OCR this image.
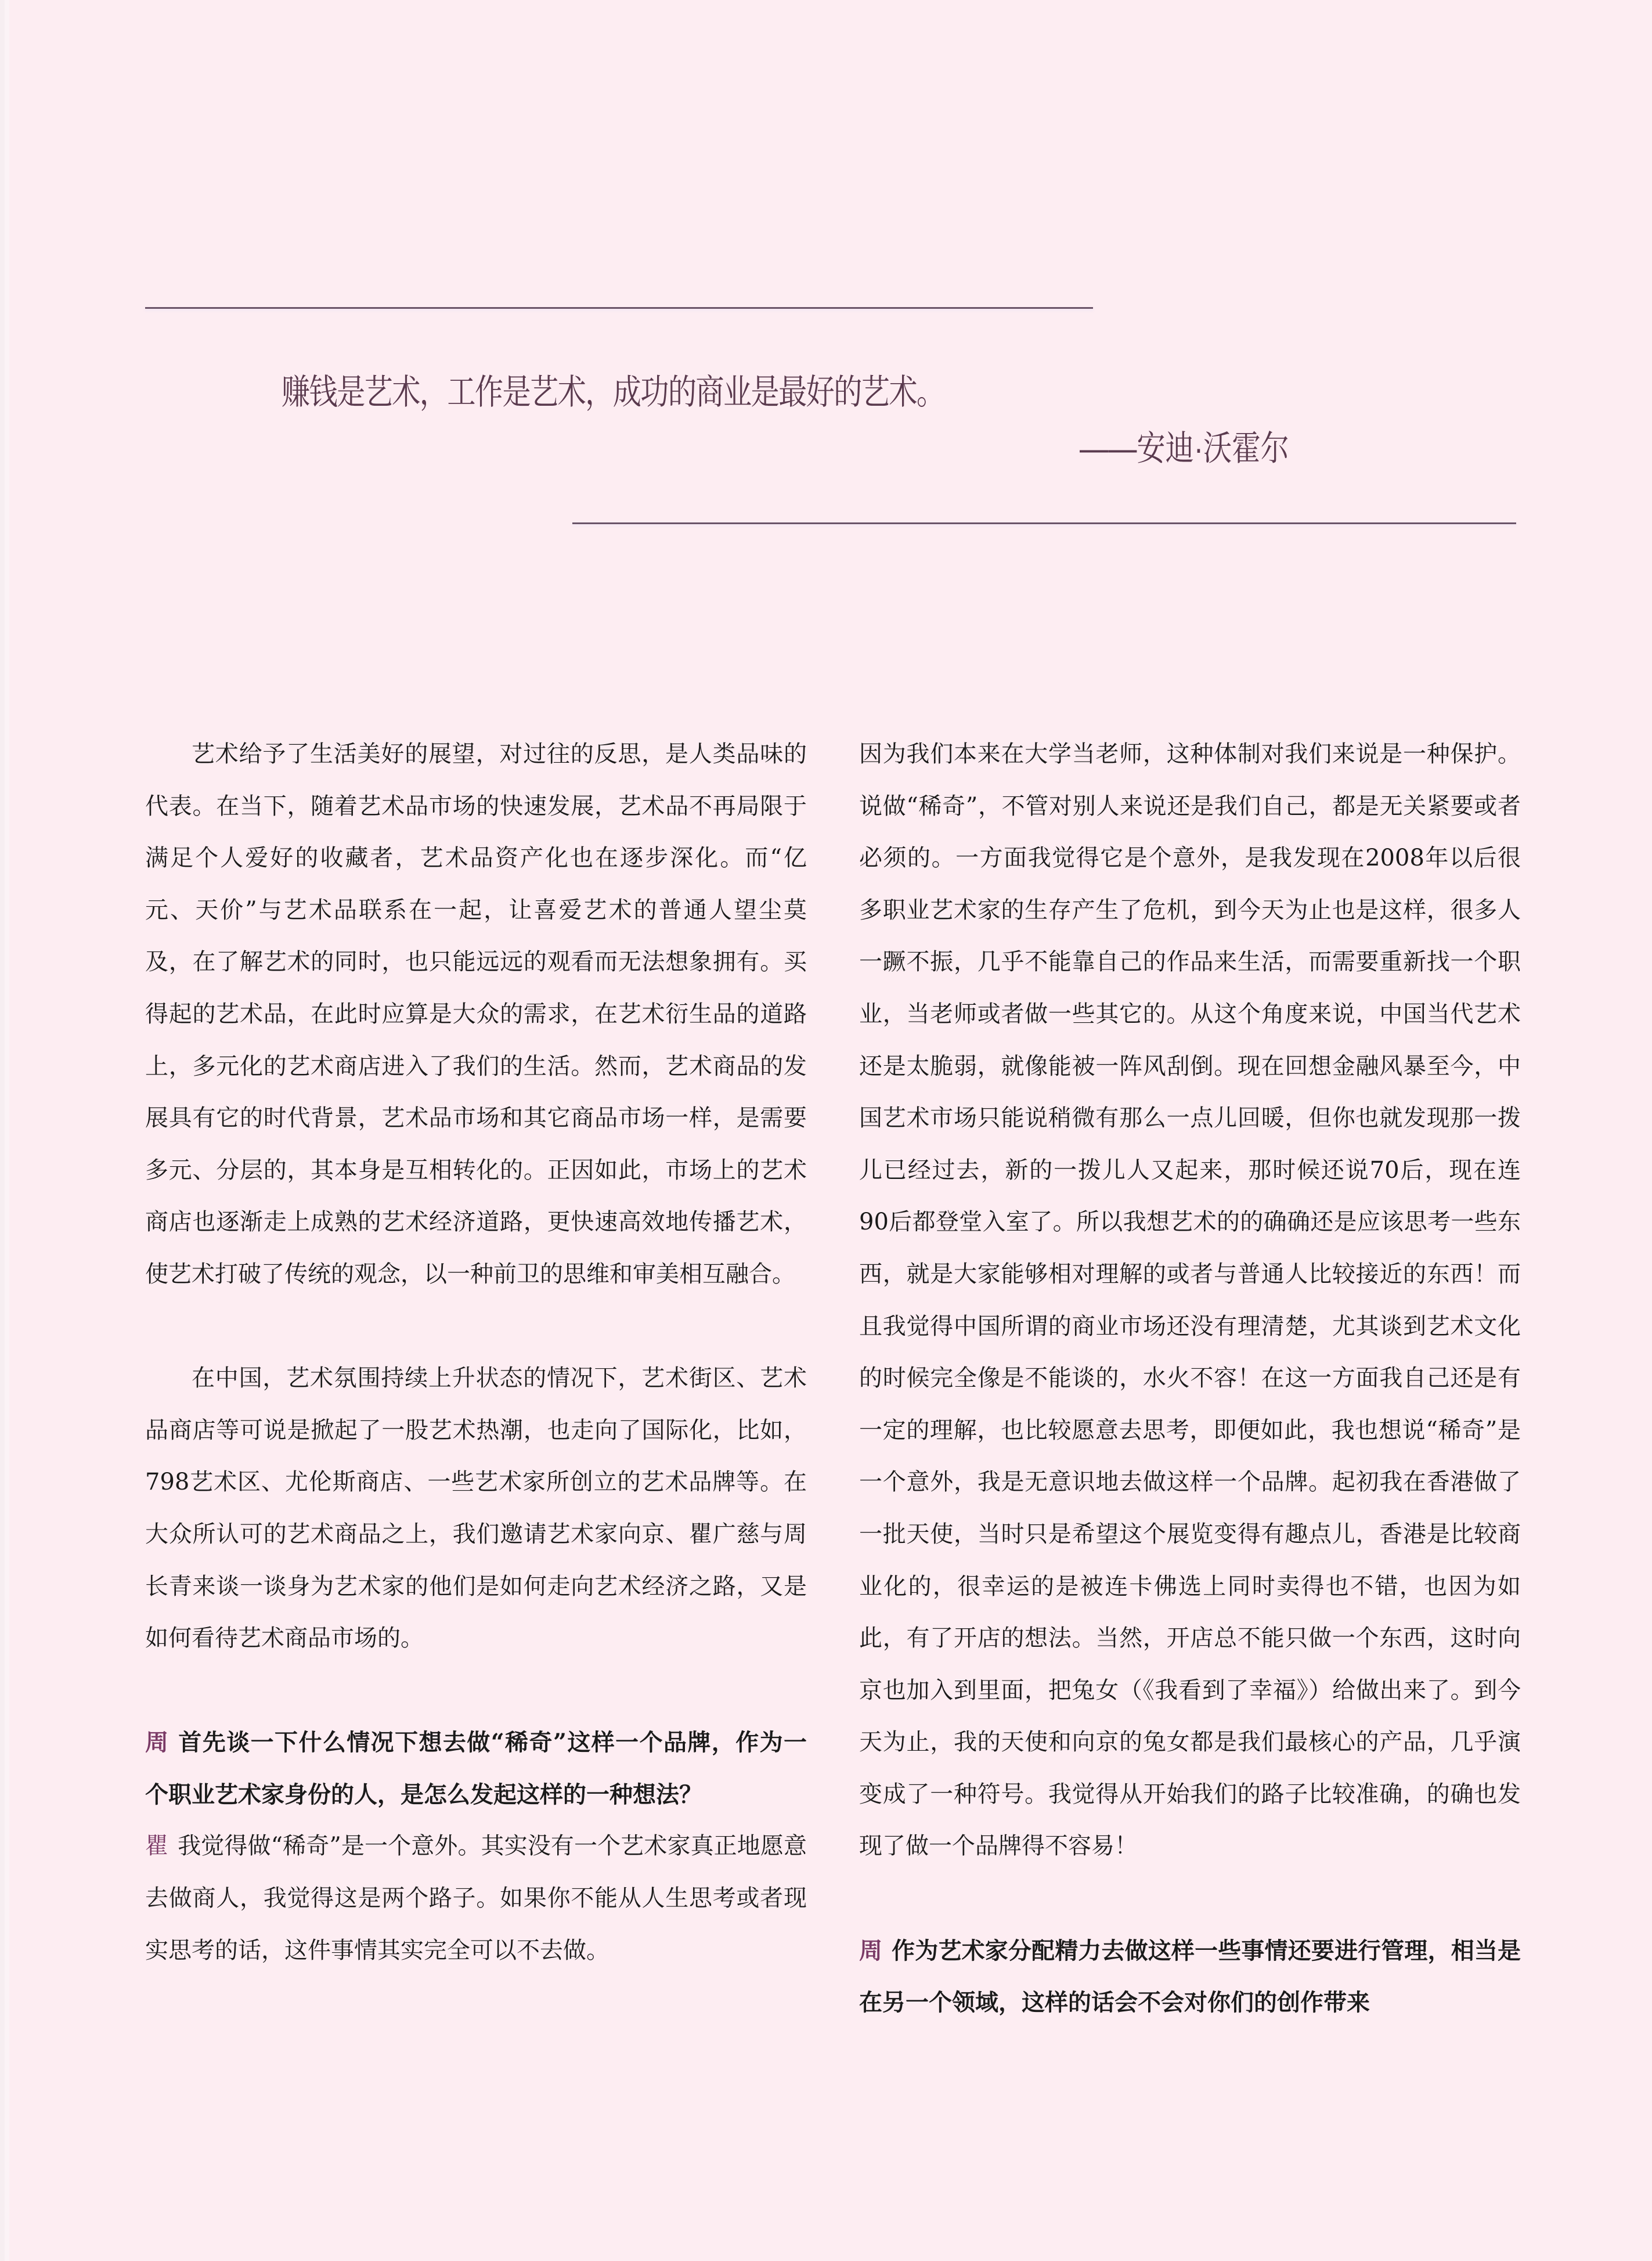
赚钱是艺术，工作是艺术，成功的商业是最好的艺术。
——安迪·沃霍尔

艺术给予了生活美好的展望，对过往的反思，是人类品味的代表。在当下，随着艺术品市场的快速发展，艺术品不再局限于满足个人爱好的收藏者，艺术品资产化也在逐步深化。而“亿元、天价”与艺术品联系在一起，让喜爱艺术的普通人望尘莫及，在了解艺术的同时，也只能远远的观看而无法想象拥有。买得起的艺术品，在此时应算是大众的需求，在艺术衍生品的道路上，多元化的艺术商店进入了我们的生活。然而，艺术商品的发展具有它的时代背景，艺术品市场和其它商品市场一样，是需要多元、分层的，其本身是互相转化的。正因如此，市场上的艺术商店也逐渐走上成熟的艺术经济道路，更快速高效地传播艺术，使艺术打破了传统的观念，以一种前卫的思维和审美相互融合。

在中国，艺术氛围持续上升状态的情况下，艺术街区、艺术品商店等可说是掀起了一股艺术热潮，也走向了国际化，比如，798艺术区、尤伦斯商店、一些艺术家所创立的艺术品牌等。在大众所认可的艺术商品之上，我们邀请艺术家向京、瞿广慈与周长青来谈一谈身为艺术家的他们是如何走向艺术经济之路，又是如何看待艺术商品市场的。

周 首先谈一下什么情况下想去做“稀奇”这样一个品牌，作为一个职业艺术家身份的人，是怎么发起这样的一种想法？

瞿 我觉得做“稀奇”是一个意外。其实没有一个艺术家真正地愿意去做商人，我觉得这是两个路子。如果你不能从人生思考或者现实思考的话，这件事情其实完全可以不去做。

因为我们本来在大学当老师，这种体制对我们来说是一种保护。说做“稀奇”，不管对别人来说还是我们自己，都是无关紧要或者必须的。一方面我觉得它是个意外，是我发现在2008年以后很多职业艺术家的生存产生了危机，到今天为止也是这样，很多人一蹶不振，几乎不能靠自己的作品来生活，而需要重新找一个职业，当老师或者做一些其它的。从这个角度来说，中国当代艺术还是太脆弱，就像能被一阵风刮倒。现在回想金融风暴至今，中国艺术市场只能说稍微有那么一点儿回暖，但你也就发现那一拨儿已经过去，新的一拨儿人又起来，那时候还说70后，现在连90后都登堂入室了。所以我想艺术的的确确还是应该思考一些东西，就是大家能够相对理解的或者与普通人比较接近的东西！而且我觉得中国所谓的商业市场还没有理清楚，尤其谈到艺术文化的时候完全像是不能谈的，水火不容！在这一方面我自己还是有一定的理解，也比较愿意去思考，即便如此，我也想说“稀奇”是一个意外，我是无意识地去做这样一个品牌。起初我在香港做了一批天使，当时只是希望这个展览变得有趣点儿，香港是比较商业化的，很幸运的是被连卡佛选上同时卖得也不错，也因为如此，有了开店的想法。当然，开店总不能只做一个东西，这时向京也加入到里面，把兔女（《我看到了幸福》）给做出来了。到今天为止，我的天使和向京的兔女都是我们最核心的产品，几乎演变成了一种符号。我觉得从开始我们的路子比较准确，的确也发现了做一个品牌得不容易！

周 作为艺术家分配精力去做这样一些事情还要进行管理，相当是在另一个领域，这样的话会不会对你们的创作带来
